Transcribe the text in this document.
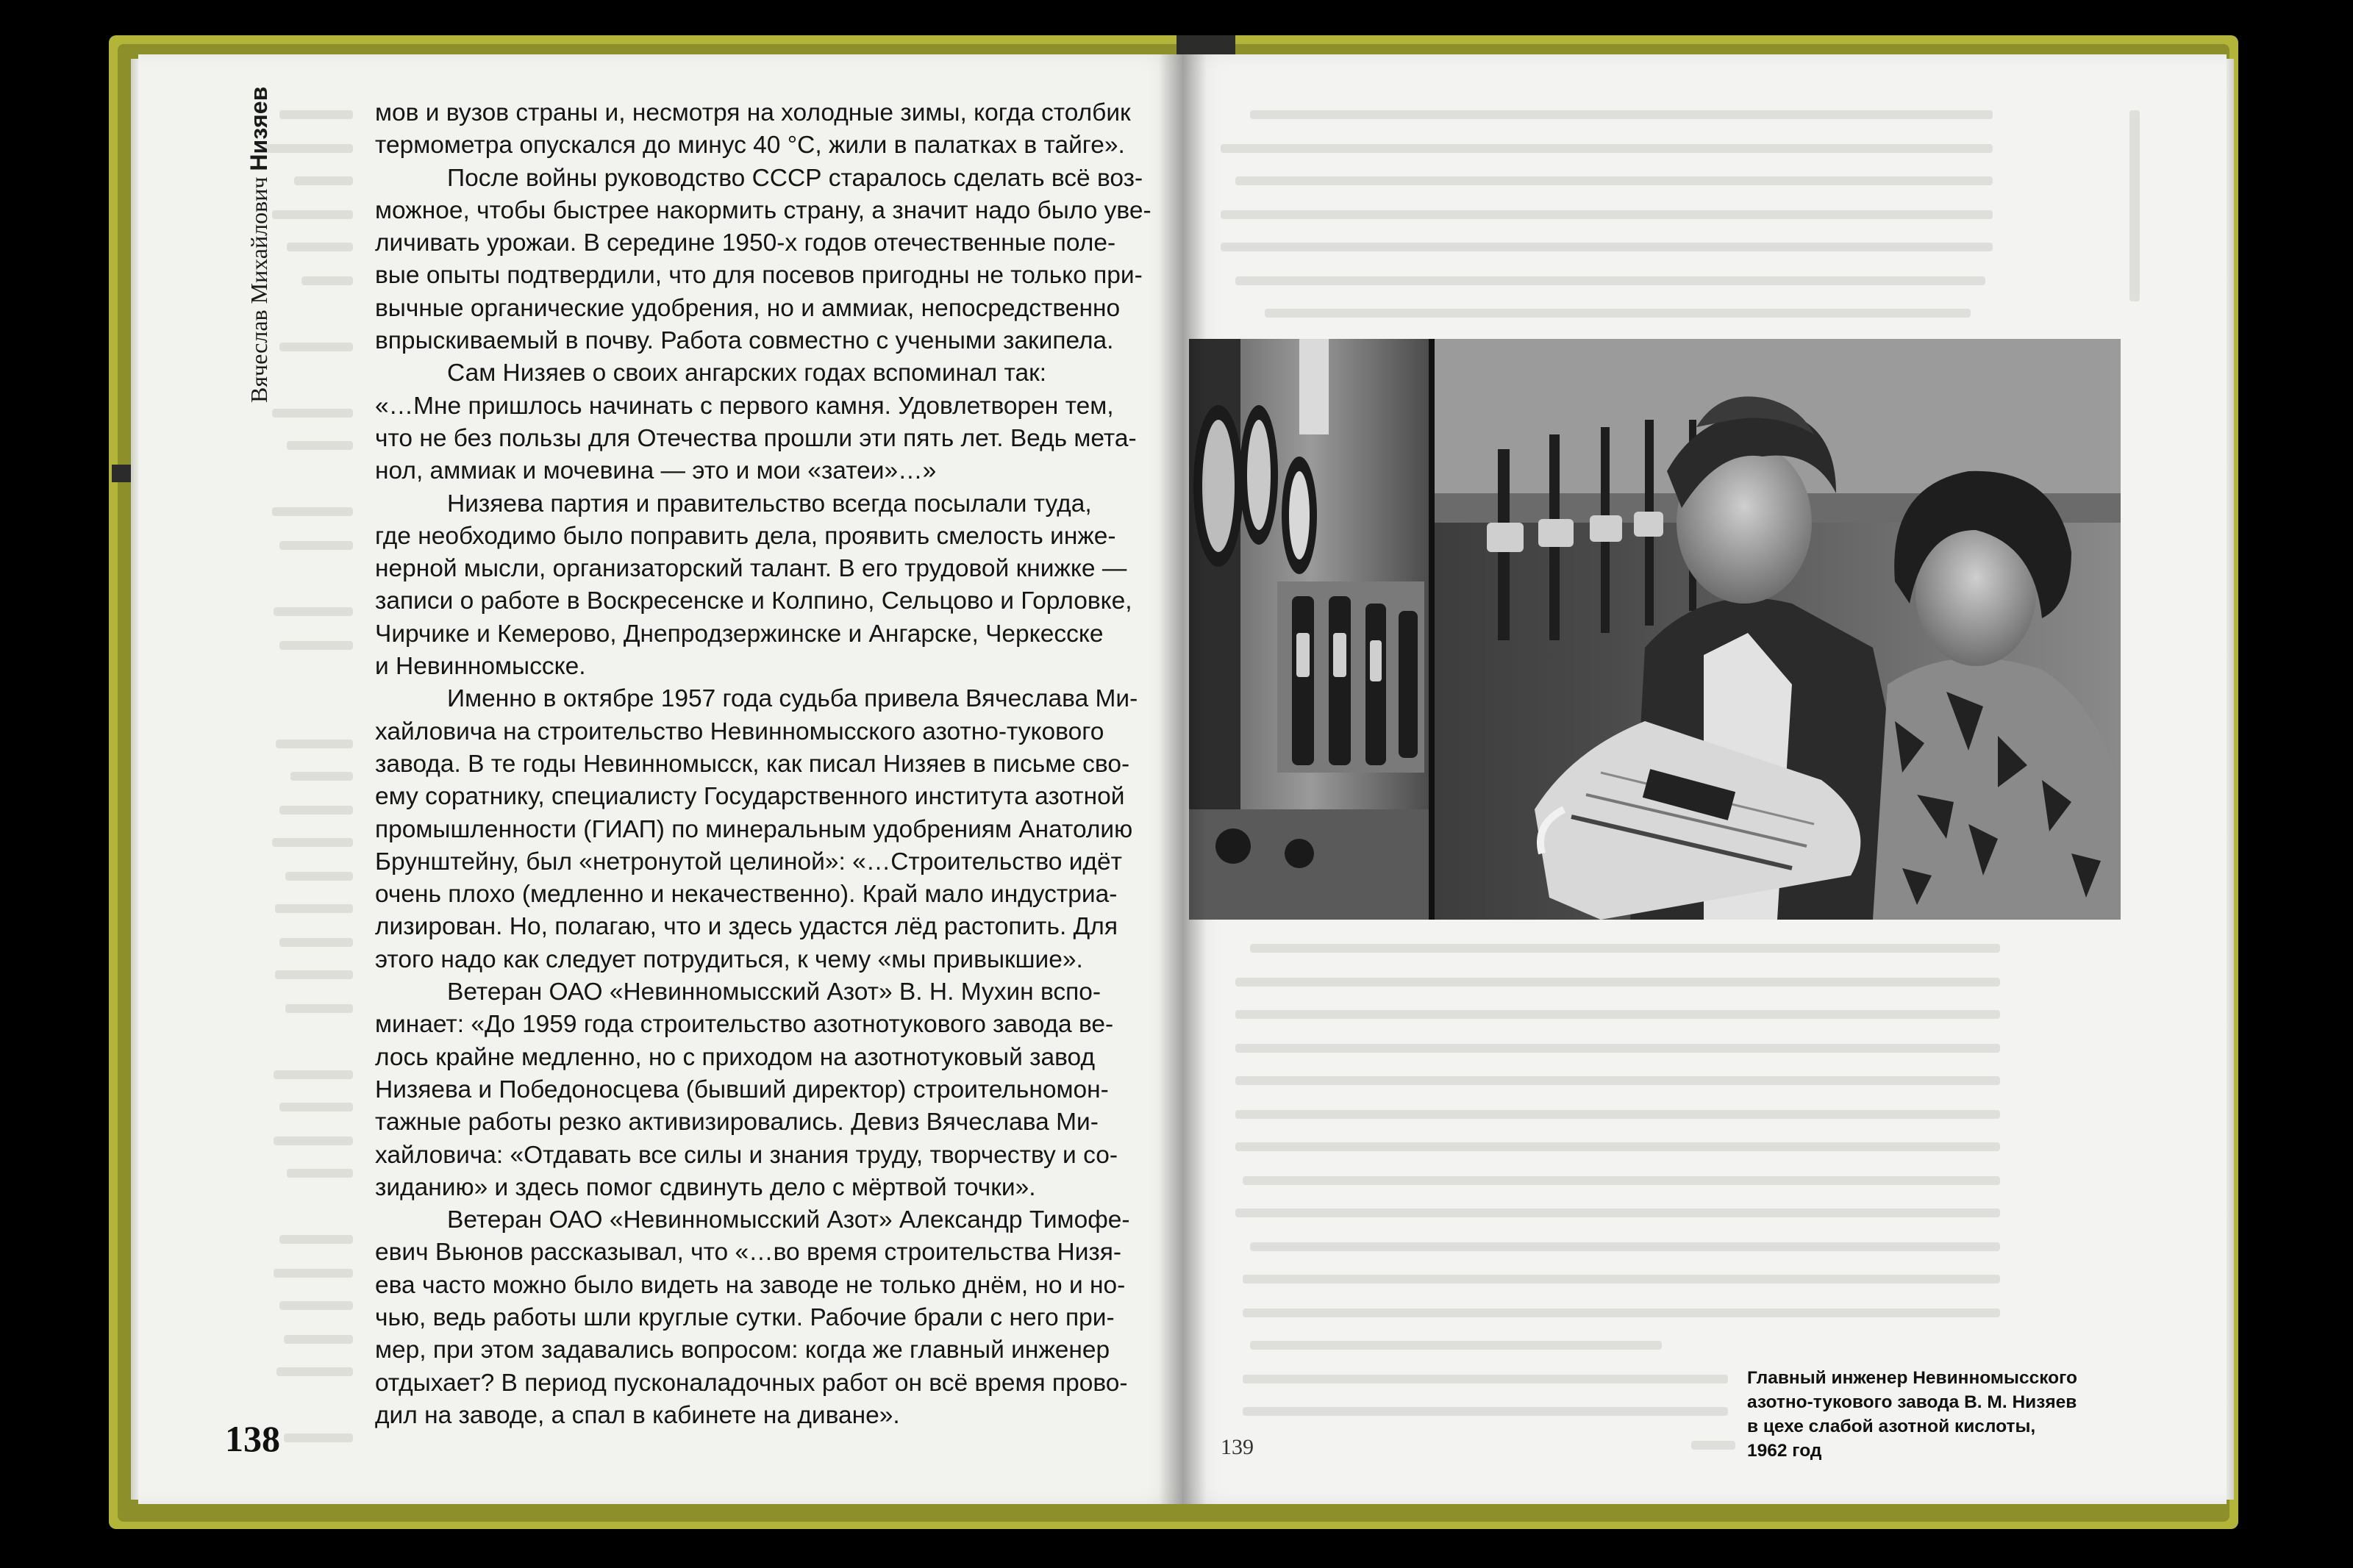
Вячеслав Михайлович Низяев	мов и вузов страны и, несмотря на холодные зимы, когда столбик

термометра опускался до минус 40 °С, жили в палатках в тайге».

После войны руководство СССР старалось сделать всё воз-

можное, чтобы быстрее накормить страну, а значит надо было уве-

личивать урожаи. В середине 1950-х годов отечественные поле-

вые опыты подтвердили, что для посевов пригодны не только при-

вычные органические удобрения, но и аммиак, непосредственно

впрыскиваемый в почву. Работа совместно с учеными закипела.

Сам Низяев о своих ангарских годах вспоминал так:

«…Мне пришлось начинать с первого камня. Удовлетворен тем,

что не без пользы для Отечества прошли эти пять лет. Ведь мета-

нол, аммиак и мочевина — это и мои «затеи»…»

Низяева партия и правительство всегда посылали туда,

где необходимо было поправить дела, проявить смелость инже-

нерной мысли, организаторский талант. В его трудовой книжке —

записи о работе в Воскресенске и Колпино, Сельцово и Горловке,

Чирчике и Кемерово, Днепродзержинске и Ангарске, Черкесске

и Невинномысске.

Именно в октябре 1957 года судьба привела Вячеслава Ми-

хайловича на строительство Невинномысского азотно-тукового

завода. В те годы Невинномысск, как писал Низяев в письме сво-

ему соратнику, специалисту Государственного института азотной

промышленности (ГИАП) по минеральным удобрениям Анатолию

Брунштейну, был «нетронутой целиной»: «…Строительство идёт

очень плохо (медленно и некачественно). Край мало индустриа-

лизирован. Но, полагаю, что и здесь удастся лёд растопить. Для

этого надо как следует потрудиться, к чему «мы привыкшие».

Ветеран ОАО «Невинномысский Азот» В. Н. Мухин вспо-

минает: «До 1959 года строительство азотнотукового завода ве-

лось крайне медленно, но с приходом на азотнотуковый завод

Низяева и Победоносцева (бывший директор) строительномон-

тажные работы резко активизировались. Девиз Вячеслава Ми-

хайловича: «Отдавать все силы и знания труду, творчеству и со-

зиданию» и здесь помог сдвинуть дело с мёртвой точки».

Ветеран ОАО «Невинномысский Азот» Александр Тимофе-

евич Вьюнов рассказывал, что «…во время строительства Низя-

ева часто можно было видеть на заводе не только днём, но и но-

чью, ведь работы шли круглые сутки. Рабочие брали с него при-

мер, при этом задавались вопросом: когда же главный инженер

отдыхает? В период пусконаладочных работ он всё время прово-

дил на заводе, а спал в кабинете на диване».

138
Главный инженер Невинномысского
азотно-тукового завода В. М. Низяев
в цехе слабой азотной кислоты,
1962 год
139
